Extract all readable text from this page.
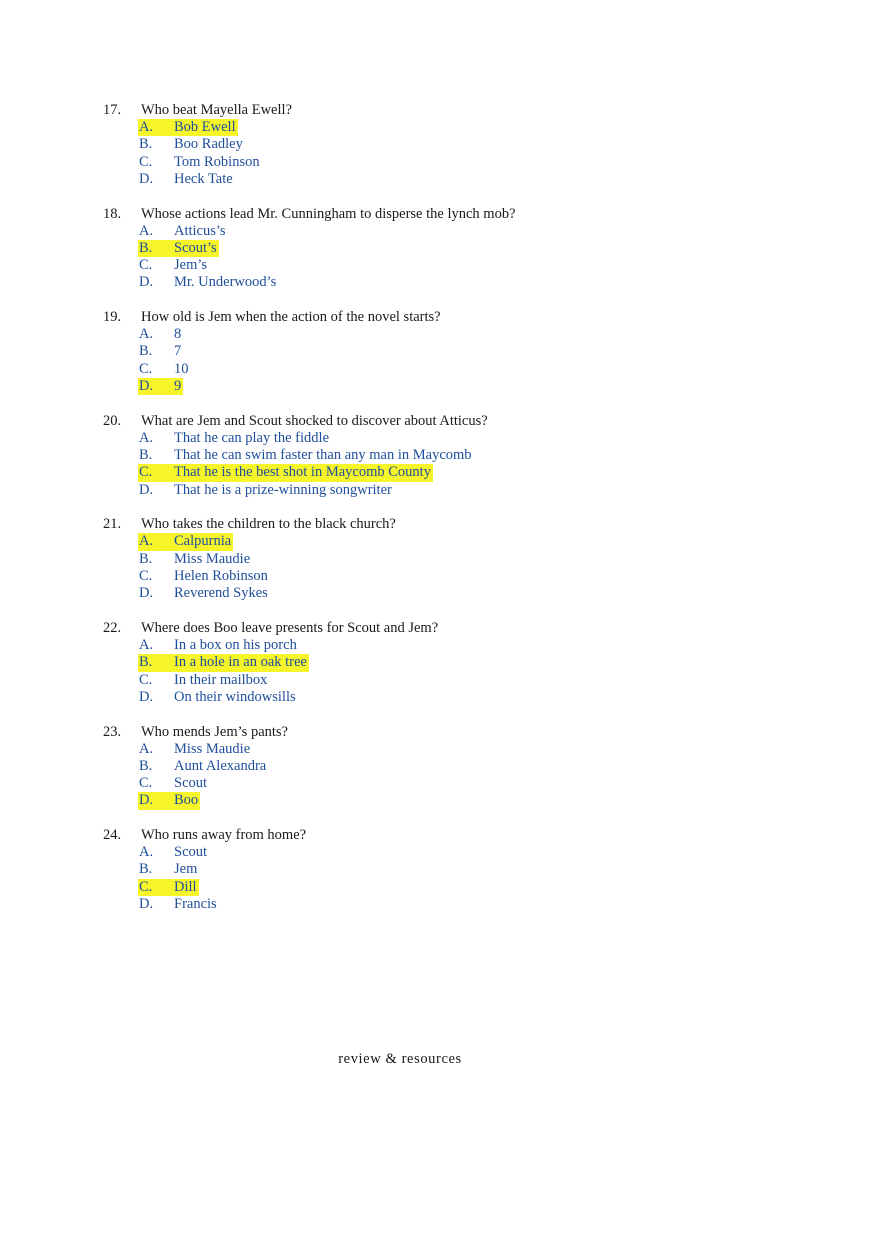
17. Who beat Mayella Ewell?
A.	Bob Ewell
B.	Boo Radley
C.	Tom Robinson
D.	Heck Tate
18. Whose actions lead Mr. Cunningham to disperse the lynch mob?
A.	Atticus’s
B.	Scout’s
C.	Jem’s
D.	Mr. Underwood’s
19. How old is Jem when the action of the novel starts?
A.	8
B.	7
C.	10
D.	9
20. What are Jem and Scout shocked to discover about Atticus?
A.	That he can play the fiddle
B.	That he can swim faster than any man in Maycomb
C.	That he is the best shot in Maycomb County
D.	That he is a prize-winning songwriter
21. Who takes the children to the black church?
A.	Calpurnia
B.	Miss Maudie
C.	Helen Robinson
D.	Reverend Sykes
22. Where does Boo leave presents for Scout and Jem?
A.	In a box on his porch
B.	In a hole in an oak tree
C.	In their mailbox
D.	On their windowsills
23. Who mends Jem’s pants?
A.	Miss Maudie
B.	Aunt Alexandra
C.	Scout
D.	Boo
24. Who runs away from home?
A.	Scout
B.	Jem
C.	Dill
D.	Francis
review & resources
